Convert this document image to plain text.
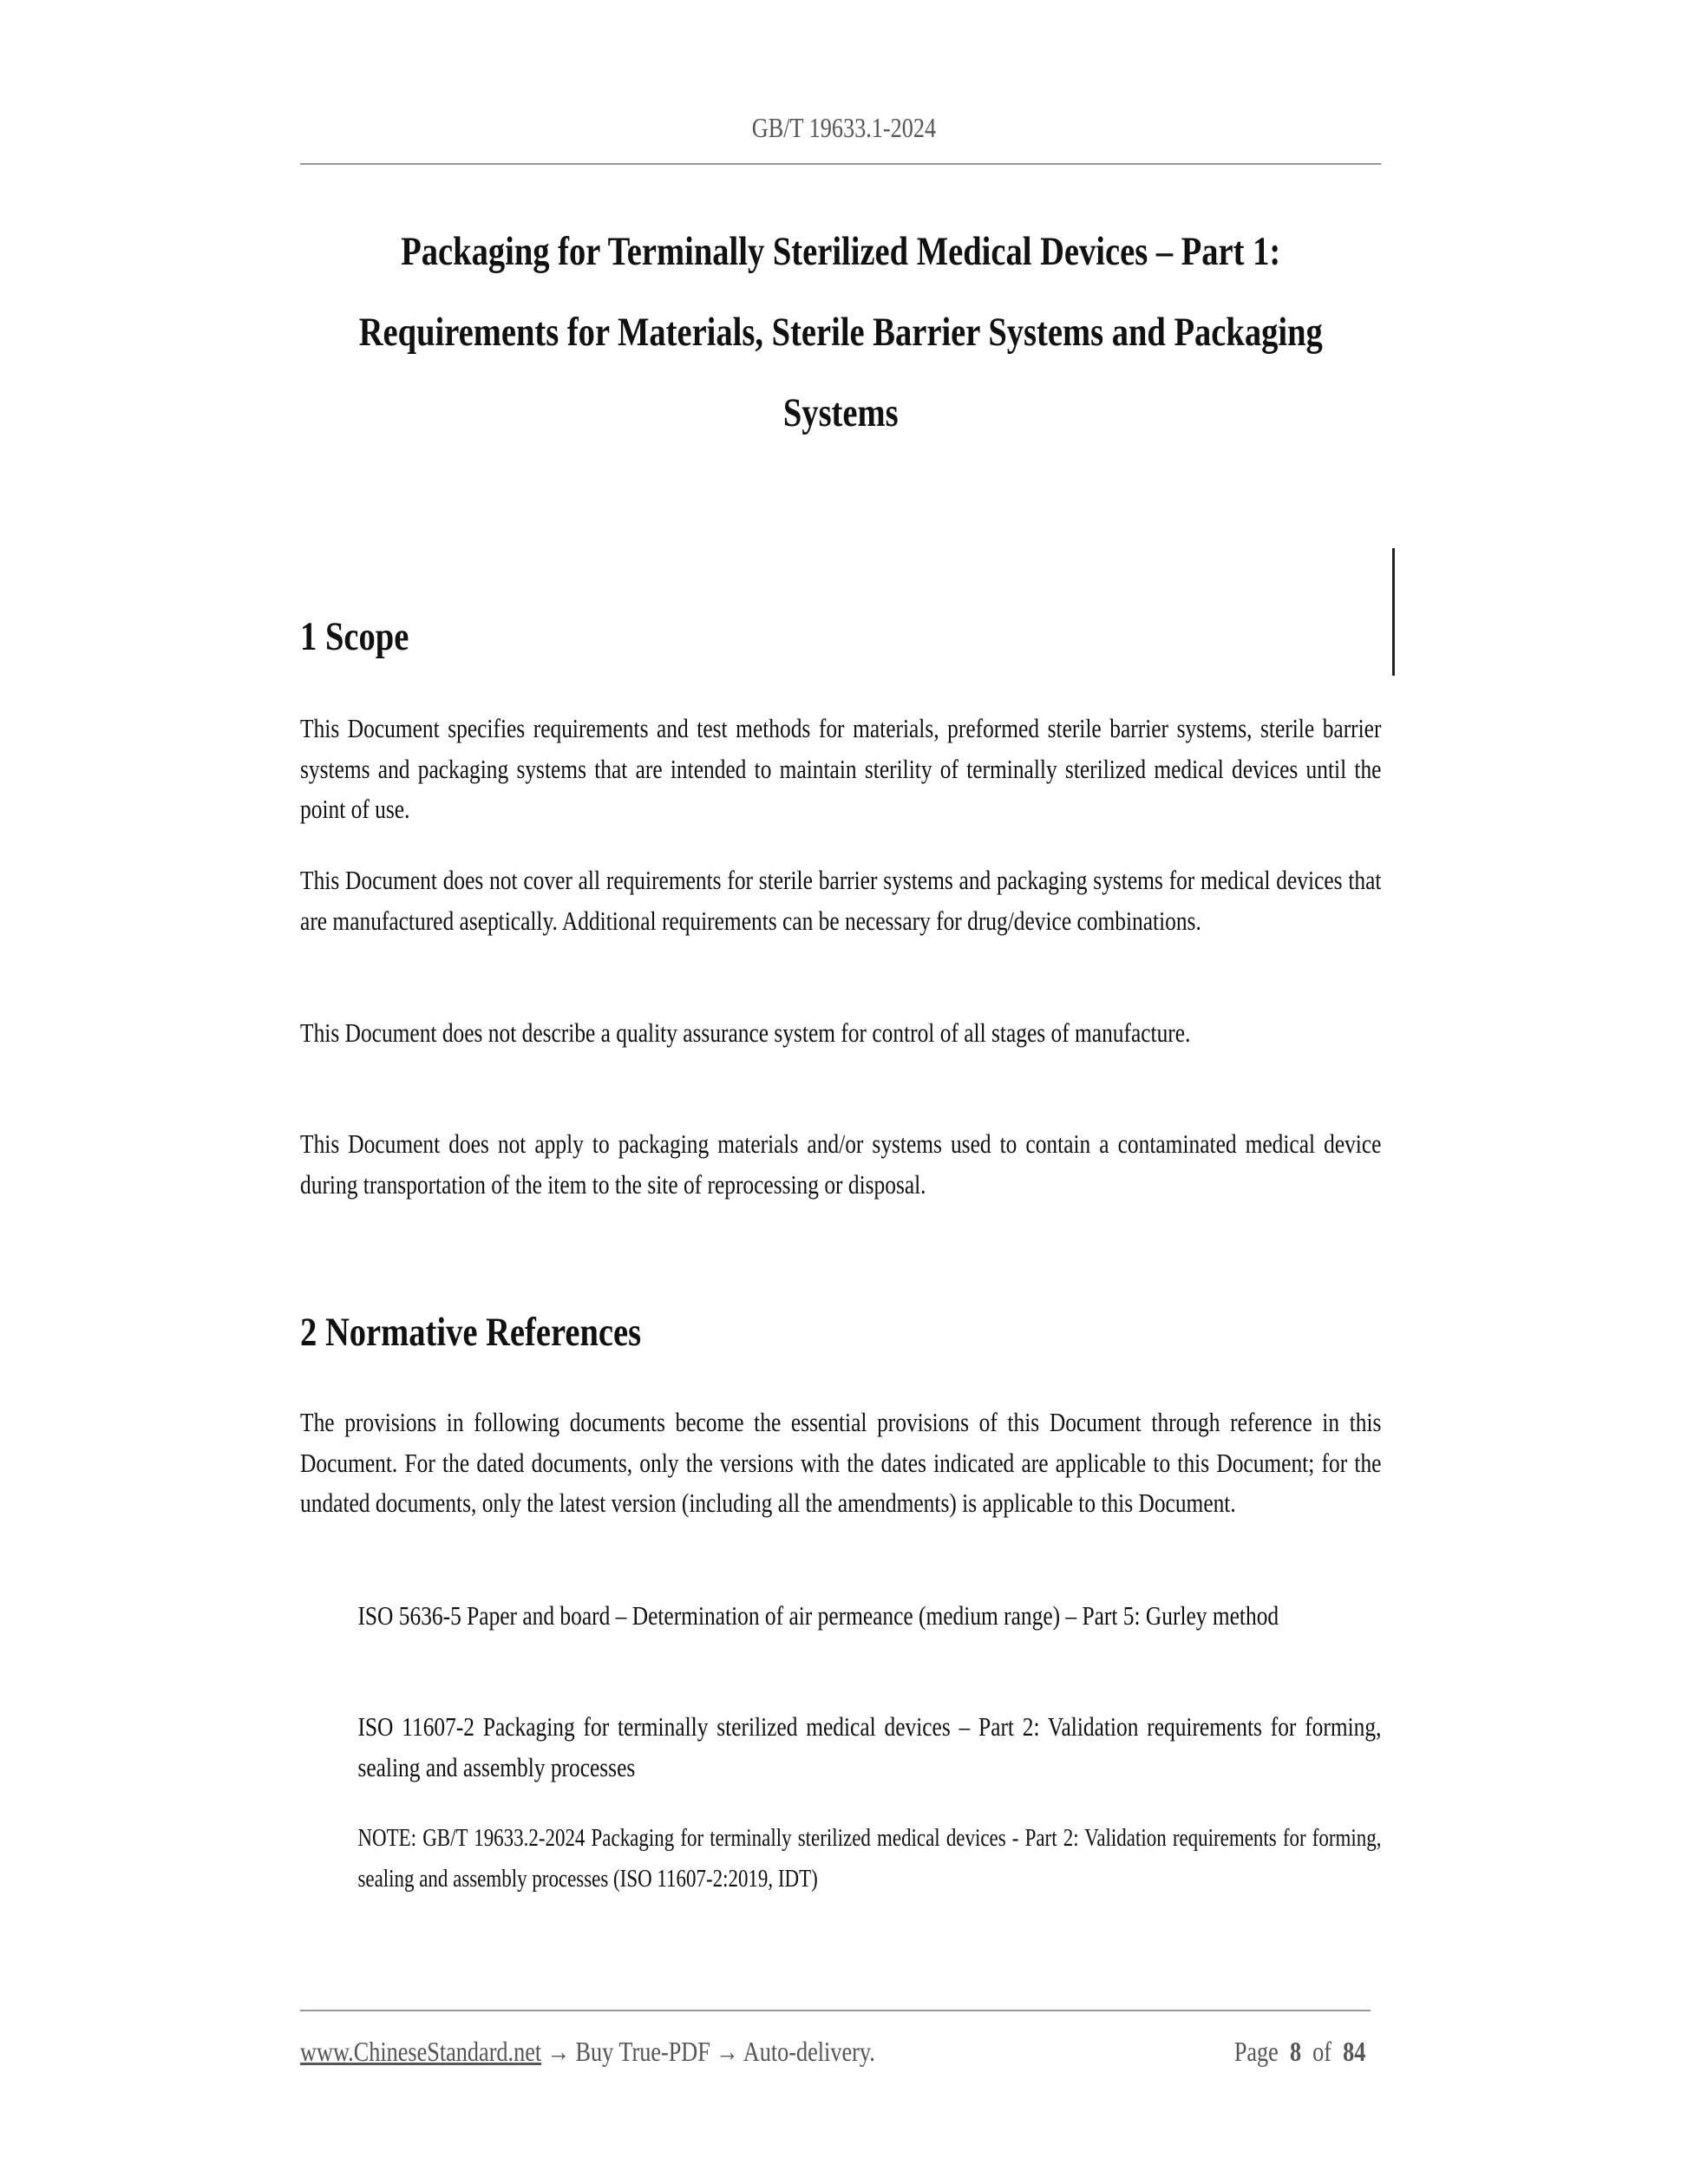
GB/T 19633.1-2024
Packaging for Terminally Sterilized Medical Devices – Part 1: Requirements for Materials, Sterile Barrier Systems and Packaging Systems
1 Scope
This Document specifies requirements and test methods for materials, preformed sterile barrier systems, sterile barrier systems and packaging systems that are intended to maintain sterility of terminally sterilized medical devices until the point of use.
This Document does not cover all requirements for sterile barrier systems and packaging systems for medical devices that are manufactured aseptically. Additional requirements can be necessary for drug/device combinations.
This Document does not describe a quality assurance system for control of all stages of manufacture.
This Document does not apply to packaging materials and/or systems used to contain a contaminated medical device during transportation of the item to the site of reprocessing or disposal.
2 Normative References
The provisions in following documents become the essential provisions of this Document through reference in this Document. For the dated documents, only the versions with the dates indicated are applicable to this Document; for the undated documents, only the latest version (including all the amendments) is applicable to this Document.
ISO 5636-5 Paper and board – Determination of air permeance (medium range) – Part 5: Gurley method
ISO 11607-2 Packaging for terminally sterilized medical devices – Part 2: Validation requirements for forming, sealing and assembly processes
NOTE: GB/T 19633.2-2024 Packaging for terminally sterilized medical devices - Part 2: Validation requirements for forming, sealing and assembly processes (ISO 11607-2:2019, IDT)
www.ChineseStandard.net → Buy True-PDF → Auto-delivery.	Page 8 of 84
